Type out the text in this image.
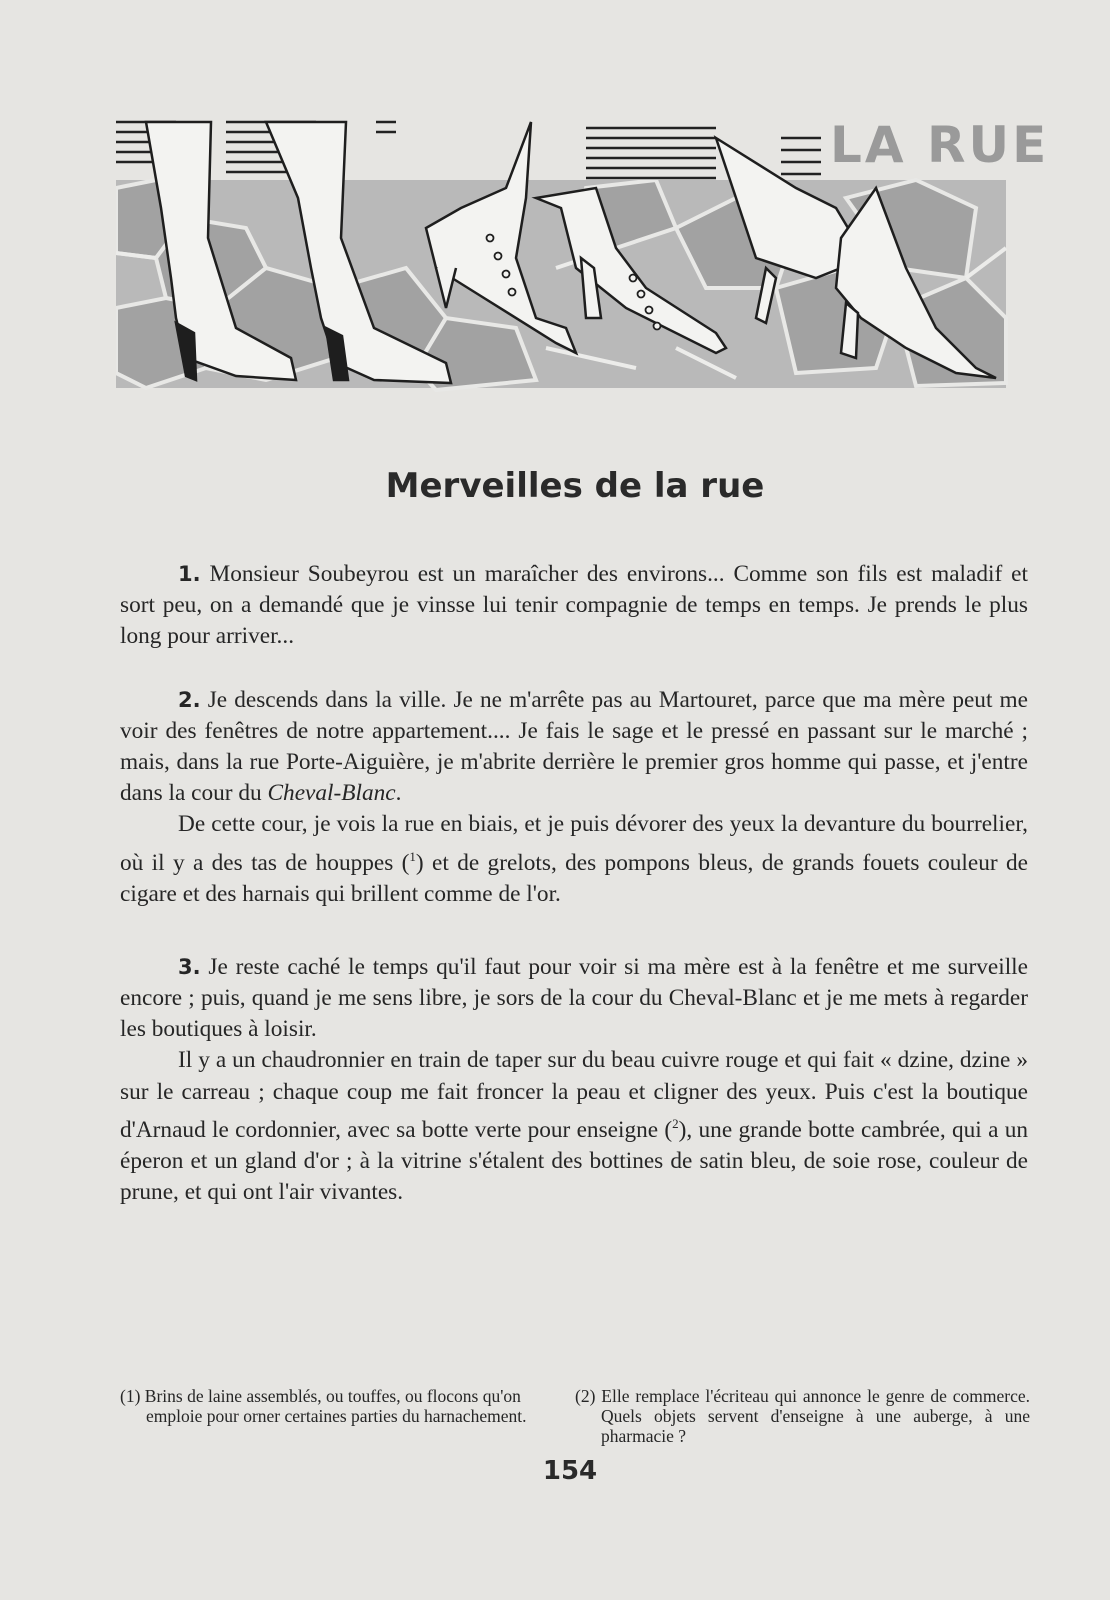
LA RUE
Merveilles de la rue

1. Monsieur Soubeyrou est un maraîcher des environs... Comme son fils est maladif et sort peu, on a demandé que je vinsse lui tenir compagnie de temps en temps. Je prends le plus long pour arriver...

2. Je descends dans la ville. Je ne m'arrête pas au Martouret, parce que ma mère peut me voir des fenêtres de notre appartement.... Je fais le sage et le pressé en passant sur le marché ; mais, dans la rue Porte-Aiguière, je m'abrite derrière le premier gros homme qui passe, et j'entre dans la cour du Cheval-Blanc.

De cette cour, je vois la rue en biais, et je puis dévorer des yeux la devanture du bourrelier, où il y a des tas de houppes ($^1$) et de grelots, des pompons bleus, de grands fouets couleur de cigare et des harnais qui brillent comme de l'or.

3. Je reste caché le temps qu'il faut pour voir si ma mère est à la fenêtre et me surveille encore ; puis, quand je me sens libre, je sors de la cour du Cheval-Blanc et je me mets à regarder les boutiques à loisir.

Il y a un chaudronnier en train de taper sur du beau cuivre rouge et qui fait « dzine, dzine » sur le carreau ; chaque coup me fait froncer la peau et cligner des yeux. Puis c'est la boutique d'Arnaud le cordonnier, avec sa botte verte pour enseigne ($^2$), une grande botte cambrée, qui a un éperon et un gland d'or ; à la vitrine s'étalent des bottines de satin bleu, de soie rose, couleur de prune, et qui ont l'air vivantes.

(1) Brins de laine assemblés, ou touffes, ou flocons qu'on emploie pour orner certaines parties du harnachement.
(2) Elle remplace l'écriteau qui annonce le genre de commerce. Quels objets servent d'enseigne à une auberge, à une pharmacie ?
154
